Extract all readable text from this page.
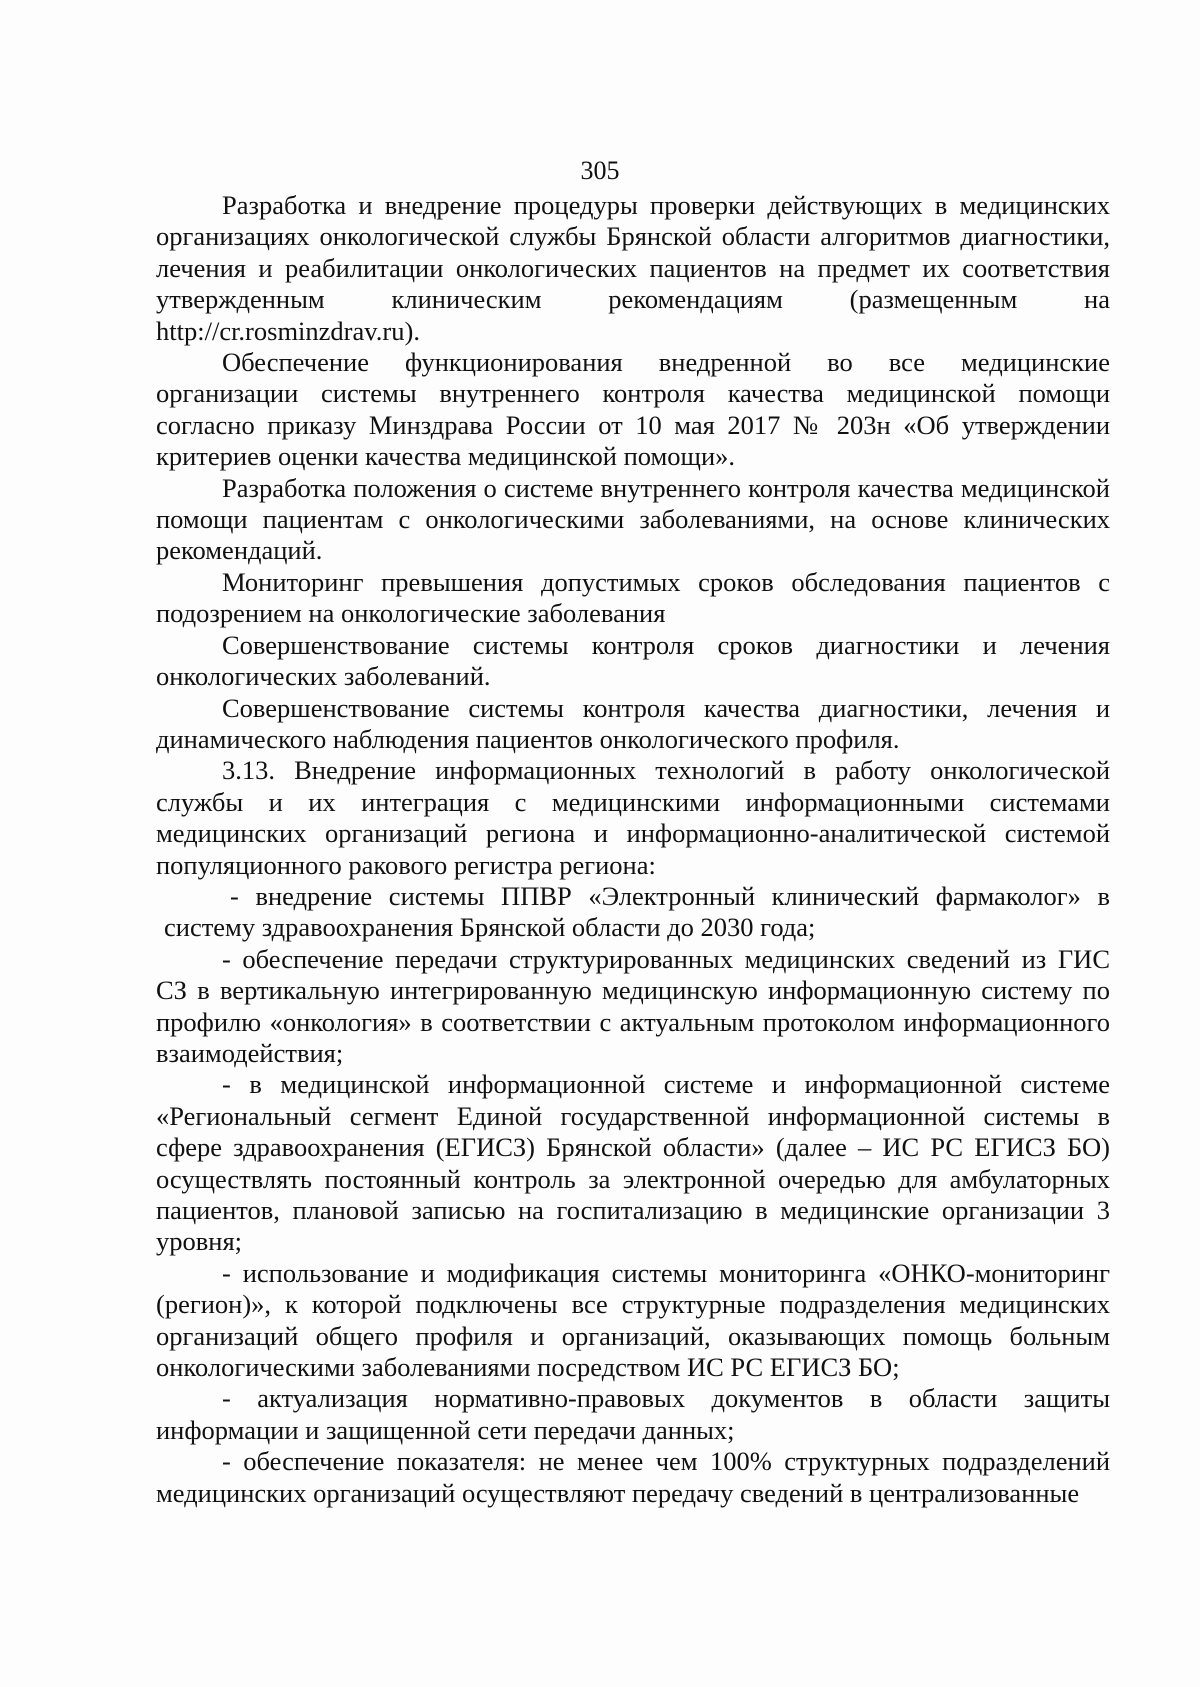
305

Разработка и внедрение процедуры проверки действующих в медицинских организациях онкологической службы Брянской области алгоритмов диагностики, лечения и реабилитации онкологических пациентов на предмет их соответствия утвержденным клиническим рекомендациям (размещенным на http://cr.rosminzdrav.ru).

Обеспечение функционирования внедренной во все медицинские организации системы внутреннего контроля качества медицинской помощи согласно приказу Минздрава России от 10 мая 2017 № 203н «Об утверждении критериев оценки качества медицинской помощи».

Разработка положения о системе внутреннего контроля качества медицинской помощи пациентам с онкологическими заболеваниями, на основе клинических рекомендаций.

Мониторинг превышения допустимых сроков обследования пациентов с подозрением на онкологические заболевания

Совершенствование системы контроля сроков диагностики и лечения онкологических заболеваний.

Совершенствование системы контроля качества диагностики, лечения и динамического наблюдения пациентов онкологического профиля.

3.13. Внедрение информационных технологий в работу онкологической службы и их интеграция с медицинскими информационными системами медицинских организаций региона и информационно-аналитической системой популяционного ракового регистра региона:

- внедрение системы ППВР «Электронный клинический фармаколог» в систему здравоохранения Брянской области до 2030 года;

- обеспечение передачи структурированных медицинских сведений из ГИС СЗ в вертикальную интегрированную медицинскую информационную систему по профилю «онкология» в соответствии с актуальным протоколом информационного взаимодействия;

- в медицинской информационной системе и информационной системе «Региональный сегмент Единой государственной информационной системы в сфере здравоохранения (ЕГИСЗ) Брянской области» (далее – ИС РС ЕГИСЗ БО) осуществлять постоянный контроль за электронной очередью для амбулаторных пациентов, плановой записью на госпитализацию в медицинские организации 3 уровня;

- использование и модификация системы мониторинга «ОНКО-мониторинг (регион)», к которой подключены все структурные подразделения медицинских организаций общего профиля и организаций, оказывающих помощь больным онкологическими заболеваниями посредством ИС РС ЕГИСЗ БО;

- актуализация нормативно-правовых документов в области защиты информации и защищенной сети передачи данных;

- обеспечение показателя: не менее чем 100% структурных подразделений медицинских организаций осуществляют передачу сведений в централизованные
